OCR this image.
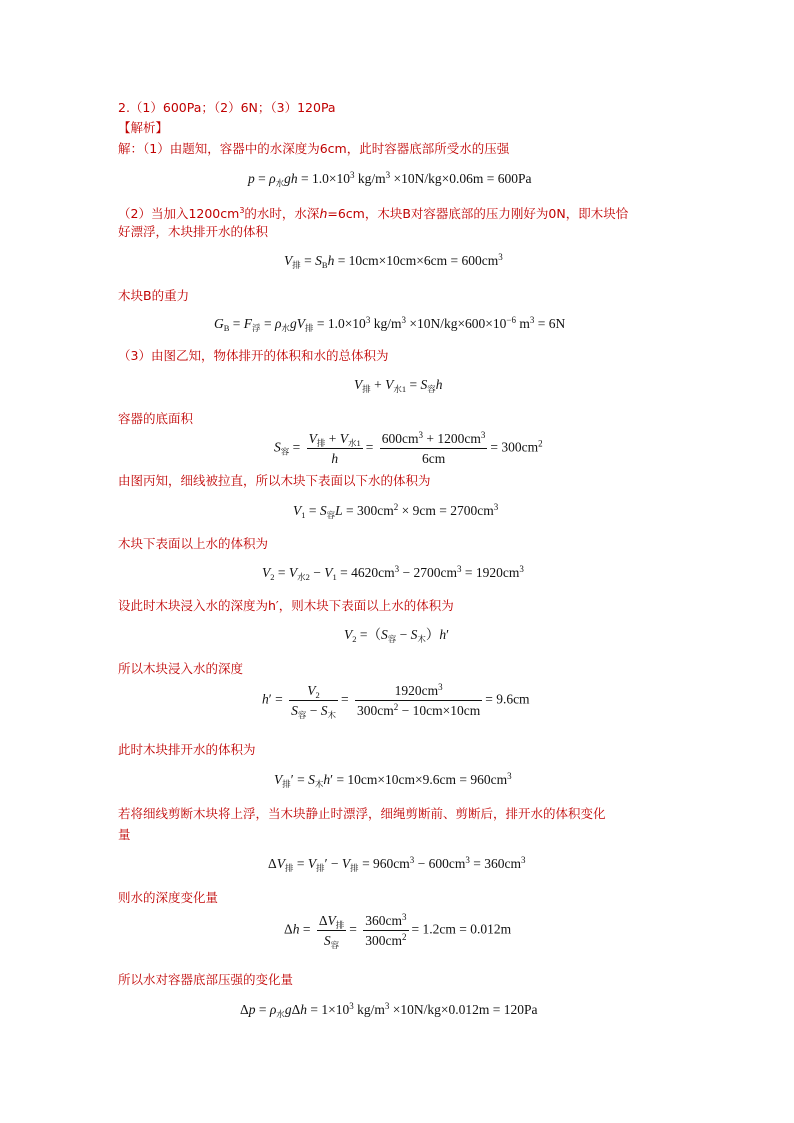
2.（1）600Pa；（2）6N；（3）120Pa
【解析】
解：（1）由题知，容器中的水深度为6cm，此时容器底部所受水的压强
$p = \rho_水gh = 1.0\times 10^3$ $kg/m^3 \times 10N/kg\times 0.06m = 600Pa$
（2）当加入$1200cm^3$的水时，水深h=6cm，木块B对容器底部的压力刚好为0N，即木块恰
好漂浮，木块排开水的体积
$V_排 = S_Bh = 10cm\times 10cm\times 6cm = 600cm^3$
木块B的重力
$G_B = F_浮 = \rho_水gV_排 = 1.0\times 10^3$ $kg/m^3 \times 10N/kg\times 600\times 10^{-6}$ $m^3 = 6N$
（3）由图乙知，物体排开的体积和水的总体积为
$V_排 + V_{水1} = S_容h$
容器的底面积
$S_容 = \frac{V_排 + V_{水1}}{h} = \frac{600cm^3 + 1200cm^3}{6cm} = 300cm^2$
由图丙知，细线被拉直，所以木块下表面以下水的体积为
$V_1 = S_容L = 300cm^2 \times 9cm = 2700cm^3$
木块下表面以上水的体积为
$V_2 = V_{水2} - V_1 = 4620cm^3 - 2700cm^3 = 1920cm^3$
设此时木块浸入水的深度为h′，则木块下表面以上水的体积为
$V_2 =(S_容 - S_木)h'$
所以木块浸入水的深度
$h' = \frac{V_2}{S_容 - S_木} = \frac{1920cm^3}{300cm^2 - 10cm\times 10cm} = 9.6cm$
此时木块排开水的体积为
$V_排' = S_木h' = 10cm\times 10cm\times 9.6cm = 960cm^3$
若将细线剪断木块将上浮，当木块静止时漂浮，细绳剪断前、剪断后，排开水的体积变化
量
$\Delta V_排 = V_排' - V_排 = 960cm^3 - 600cm^3 = 360cm^3$
则水的深度变化量
$\Delta h = \frac{\Delta V_排}{S_容} = \frac{360cm^3}{300cm^2} = 1.2cm = 0.012m$
所以水对容器底部压强的变化量
$\Delta p = \rho_水g\Delta h = 1\times 10^3$ $kg/m^3 \times 10N/kg\times 0.012m = 120Pa$
